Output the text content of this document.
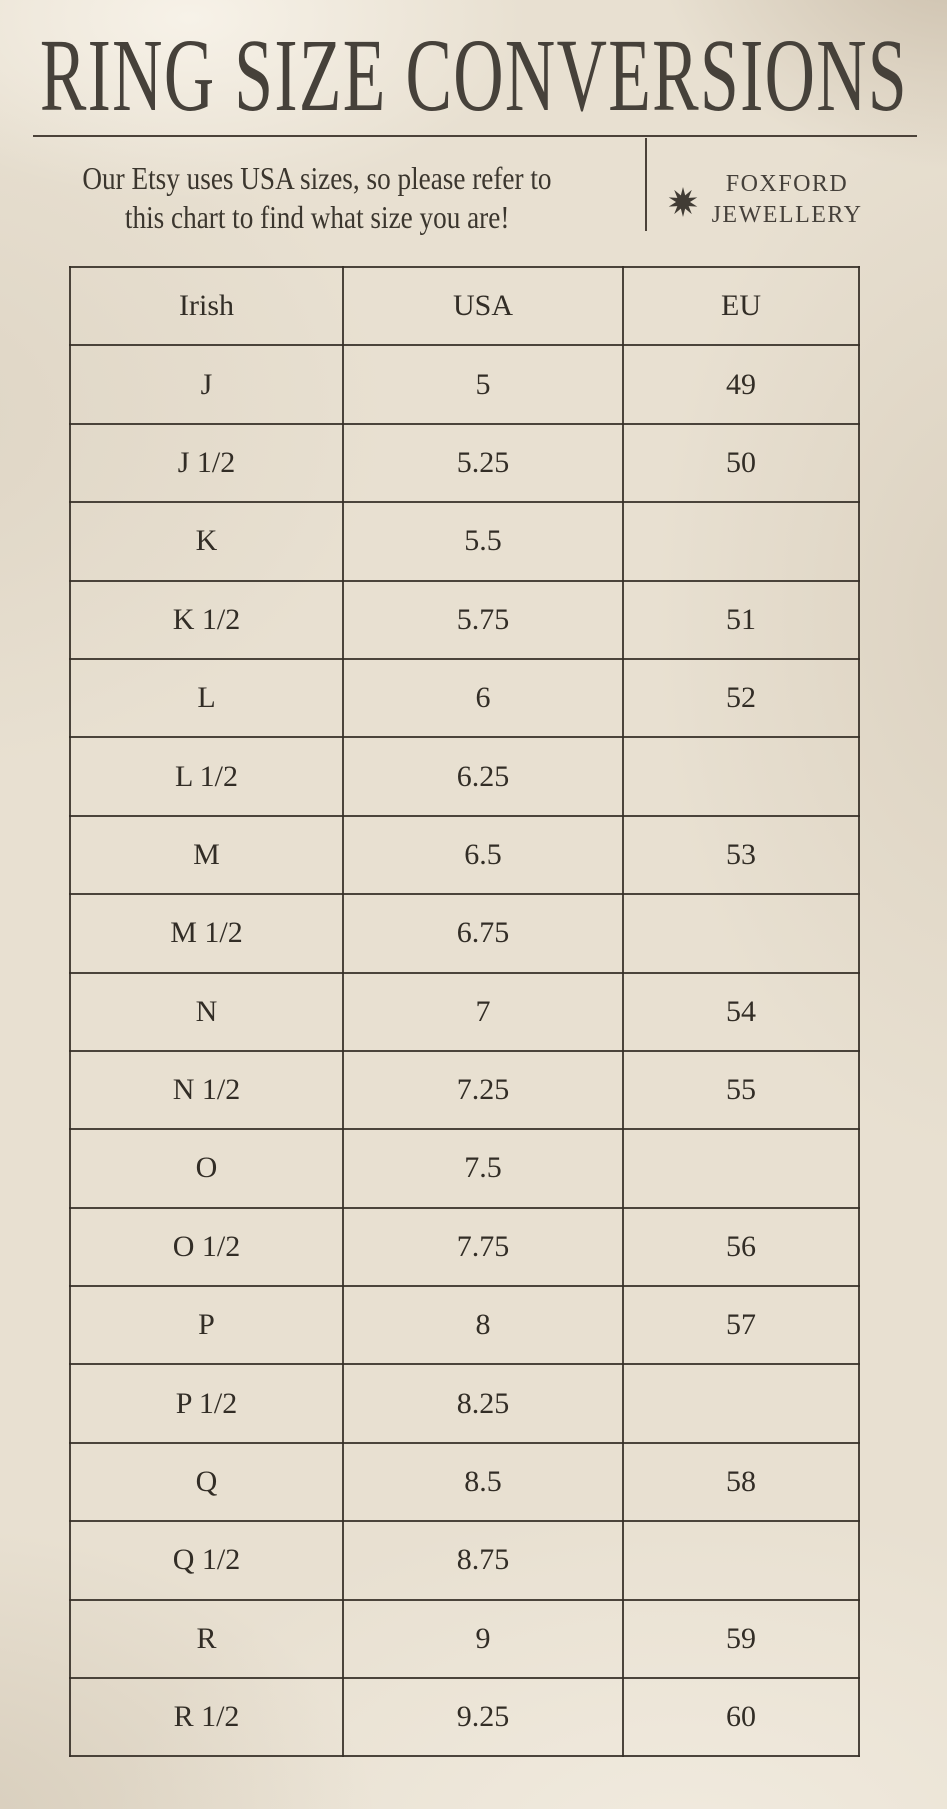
RING SIZE CONVERSIONS
Our Etsy uses USA sizes, so please refer to
this chart to find what size you are!
FOXFORD
JEWELLERY
Irish	USA	EU
J	5	49
J 1/2	5.25	50
K	5.5	
K 1/2	5.75	51
L	6	52
L 1/2	6.25	
M	6.5	53
M 1/2	6.75	
N	7	54
N 1/2	7.25	55
O	7.5	
O 1/2	7.75	56
P	8	57
P 1/2	8.25	
Q	8.5	58
Q 1/2	8.75	
R	9	59
R 1/2	9.25	60
